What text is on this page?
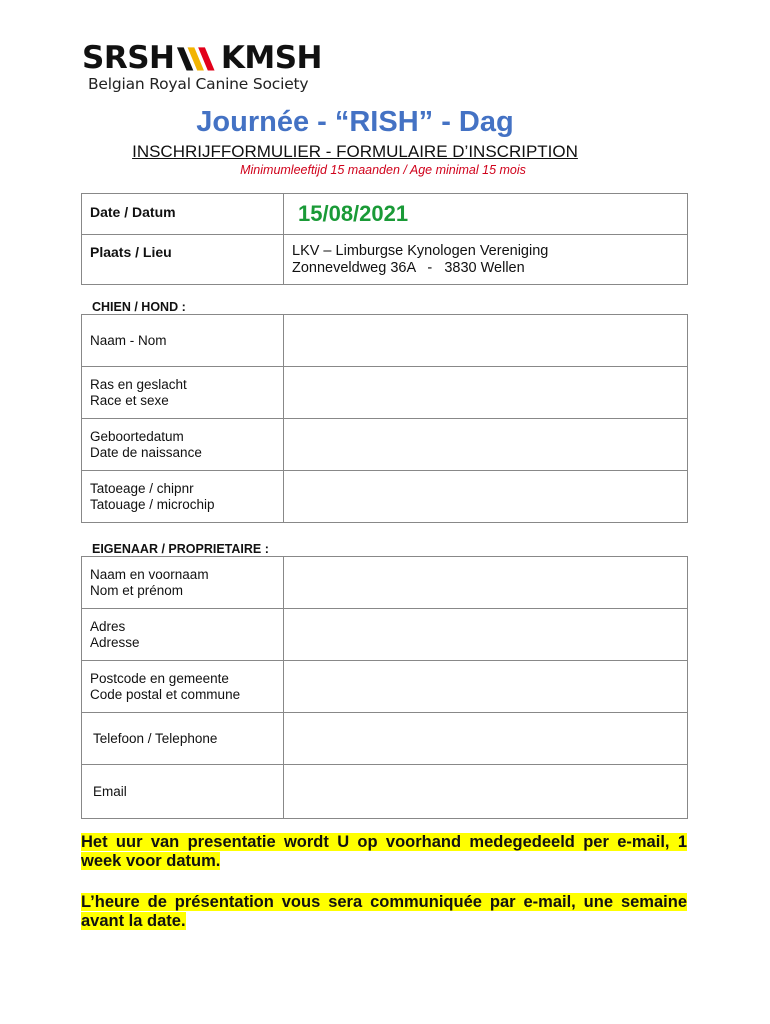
SRSH KMSH
Belgian Royal Canine Society
Journée - “RISH” - Dag
INSCHRIJFFORMULIER - FORMULAIRE D’INSCRIPTION
Minimumleeftijd 15 maanden / Age minimal 15 mois
Date / Datum	15/08/2021
Plaats / Lieu	LKV – Limburgse Kynologen Vereniging
Zonneveldweg 36A   -   3830 Wellen
CHIEN / HOND :
Naam - Nom	

Ras en geslacht
Race et sexe	

Geboortedatum
Date de naissance	

Tatoeage / chipnr
Tatouage / microchip	

EIGENAAR / PROPRIETAIRE :
Naam en voornaam
Nom et prénom	

Adres
Adresse	

Postcode en gemeente
Code postal et commune	

Telefoon / Telephone	

Email	

Het uur van presentatie wordt U op voorhand medegedeeld per e-mail, 1 week voor datum.
L’heure de présentation vous sera communiquée par e-mail, une semaine avant la date.
